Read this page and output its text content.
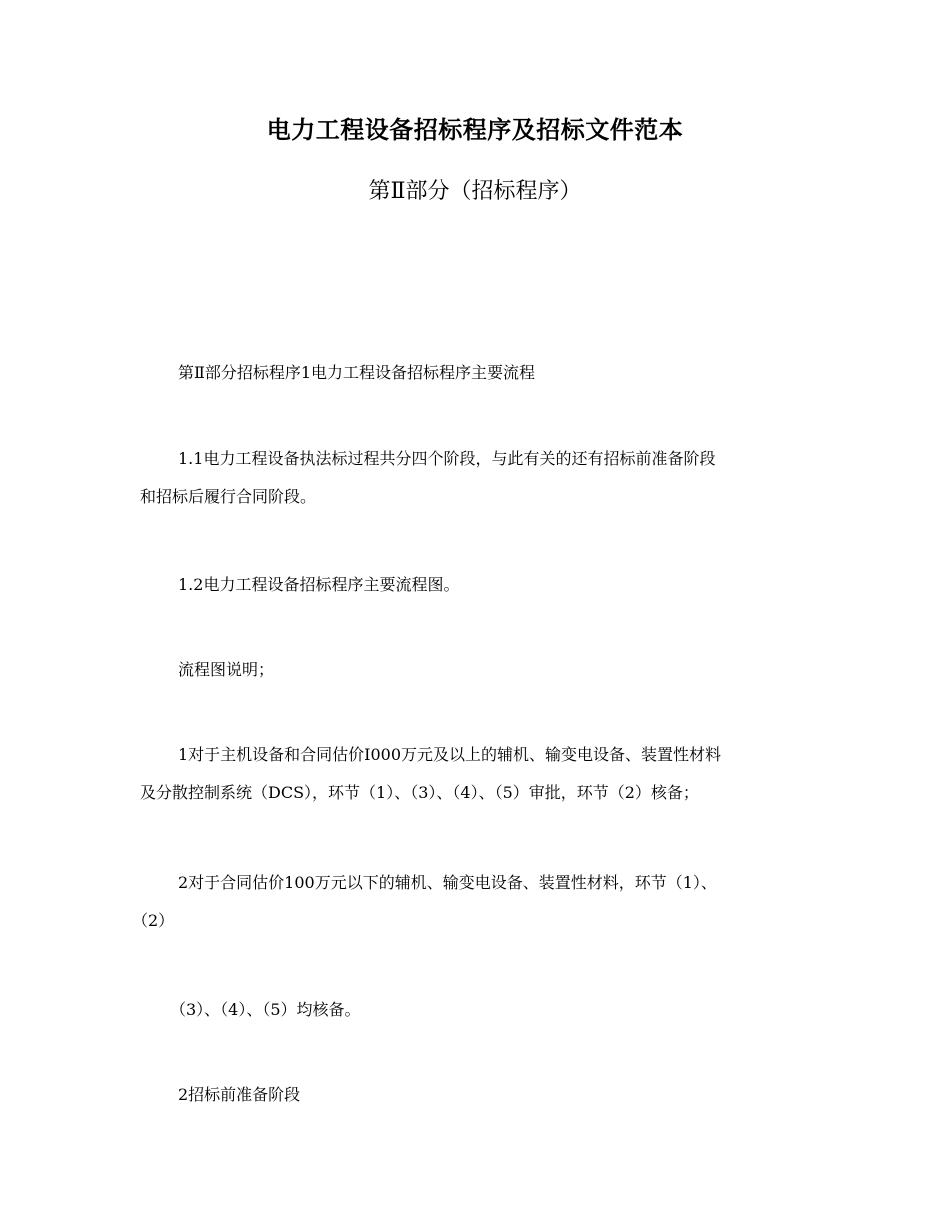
电力工程设备招标程序及招标文件范本
第Ⅱ部分（招标程序）
第Ⅱ部分招标程序1电力工程设备招标程序主要流程
1.1电力工程设备执法标过程共分四个阶段，与此有关的还有招标前准备阶段
和招标后履行合同阶段。
1.2电力工程设备招标程序主要流程图。
流程图说明；
1对于主机设备和合同估价I000万元及以上的辅机、输变电设备、装置性材料
及分散控制系统（DCS），环节（1）、（3）、（4）、（5）审批，环节（2）核备；
2对于合同估价100万元以下的辅机、输变电设备、装置性材料，环节（1）、
（2）
（3）、（4）、（5）均核备。
2招标前准备阶段
